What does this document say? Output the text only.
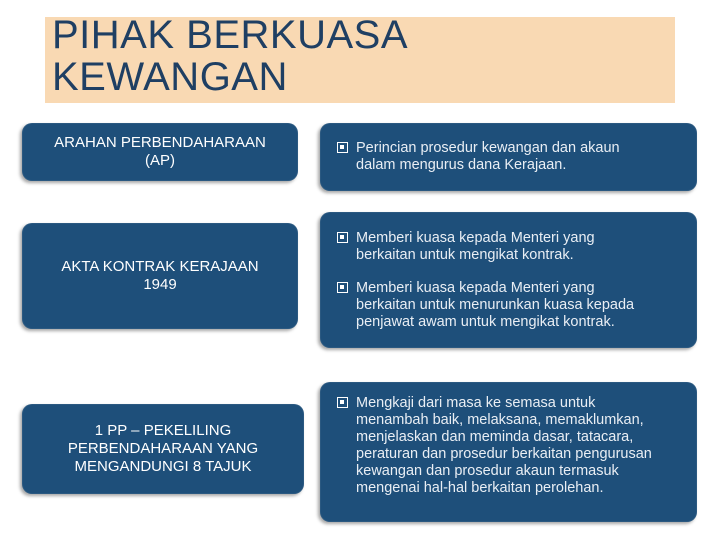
PIHAK BERKUASA
KEWANGAN
ARAHAN PERBENDAHARAAN
(AP)
Perincian prosedur kewangan dan akaun
dalam mengurus dana Kerajaan.
AKTA KONTRAK KERAJAAN
1949
Memberi kuasa kepada Menteri yang
berkaitan untuk mengikat kontrak.
Memberi kuasa kepada Menteri yang
berkaitan untuk menurunkan kuasa kepada
penjawat awam untuk mengikat kontrak.
1 PP – PEKELILING
PERBENDAHARAAN YANG
MENGANDUNGI 8 TAJUK
Mengkaji dari masa ke semasa untuk
menambah baik, melaksana, memaklumkan,
menjelaskan dan meminda dasar, tatacara,
peraturan dan prosedur berkaitan pengurusan
kewangan dan prosedur akaun termasuk
mengenai hal-hal berkaitan perolehan.
